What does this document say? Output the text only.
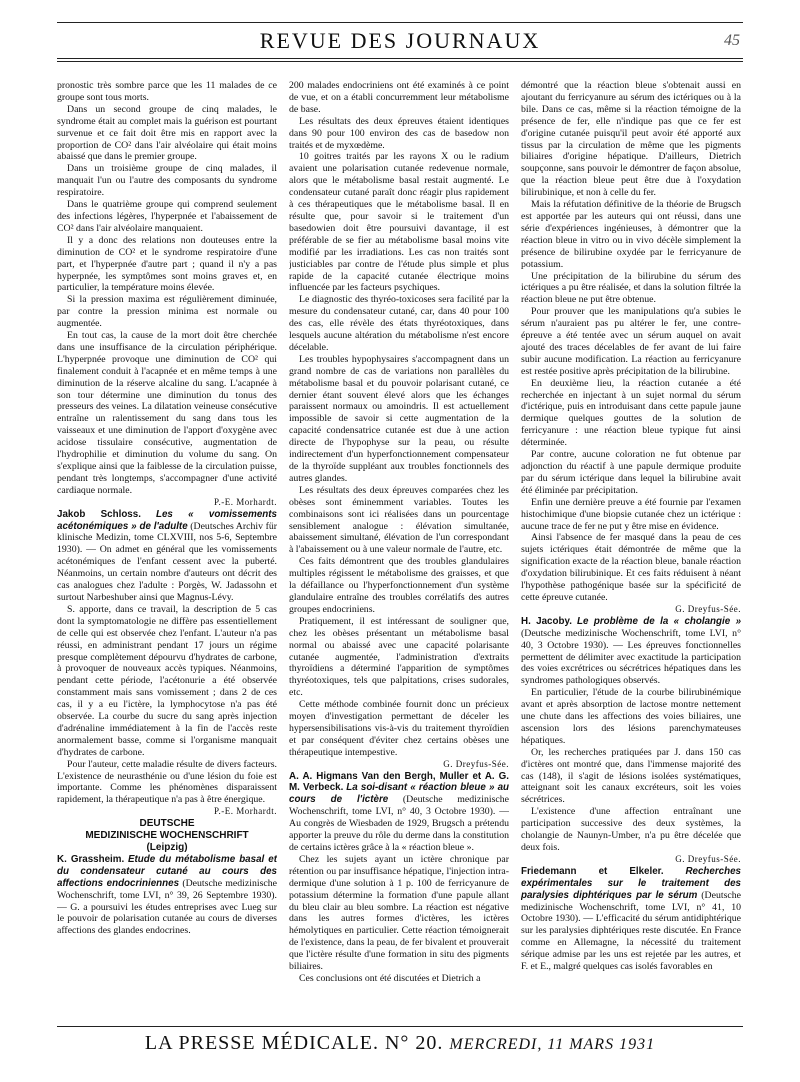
REVUE DES JOURNAUX	45

pronostic très sombre parce que les 11 malades de ce groupe sont tous morts.

Dans un second groupe de cinq malades, le syndrome était au complet mais la guérison est pourtant survenue et ce fait doit être mis en rapport avec la proportion de CO² dans l'air alvéolaire qui était moins abaissé que dans le premier groupe.

Dans un troisième groupe de cinq malades, il manquait l'un ou l'autre des composants du syndrome respiratoire.

Dans le quatrième groupe qui comprend seulement des infections légères, l'hyperpnée et l'abaissement de CO² dans l'air alvéolaire manquaient.

Il y a donc des relations non douteuses entre la diminution de CO² et le syndrome respiratoire d'une part, et l'hyperpnée d'autre part ; quand il n'y a pas hyperpnée, les symptômes sont moins graves et, en particulier, la température moins élevée.

Si la pression maxima est régulièrement diminuée, par contre la pression minima est normale ou augmentée.

En tout cas, la cause de la mort doit être cherchée dans une insuffisance de la circulation périphérique. L'hyperpnée provoque une diminution de CO² qui finalement conduit à l'acapnée et en même temps à une diminution de la réserve alcaline du sang. L'acapnée à son tour détermine une diminution du tonus des presseurs des veines. La dilatation veineuse consécutive entraîne un ralentissement du sang dans tous les vaisseaux et une diminution de l'apport d'oxygène avec acidose tissulaire consécutive, augmentation de l'hydrophilie et diminution du volume du sang. On s'explique ainsi que la faiblesse de la circulation puisse, pendant très longtemps, s'accompagner d'une activité cardiaque normale.

P.-E. Morhardt.

Jakob Schloss. Les « vomissements acétonémiques » de l'adulte (Deutsches Archiv für klinische Medizin, tome CLXVIII, nos 5-6, Septembre 1930). — On admet en général que les vomissements acétonémiques de l'enfant cessent avec la puberté. Néanmoins, un certain nombre d'auteurs ont décrit des cas analogues chez l'adulte : Porgès, W. Jadassohn et surtout Narbeshuber ainsi que Magnus-Lévy.

S. apporte, dans ce travail, la description de 5 cas dont la symptomatologie ne diffère pas essentiellement de celle qui est observée chez l'enfant. L'auteur n'a pas réussi, en administrant pendant 17 jours un régime presque complètement dépourvu d'hydrates de carbone, à provoquer de nouveaux accès typiques. Néanmoins, pendant cette période, l'acétonurie a été observée constamment mais sans vomissement ; dans 2 de ces cas, il y a eu l'ictère, la lymphocytose n'a pas été observée. La courbe du sucre du sang après injection d'adrénaline immédiatement à la fin de l'accès reste anormalement basse, comme si l'organisme manquait d'hydrates de carbone.

Pour l'auteur, cette maladie résulte de divers facteurs. L'existence de neurasthénie ou d'une lésion du foie est importante. Comme les phénomènes disparaissent rapidement, la thérapeutique n'a pas à être énergique.

P.-E. Morhardt.

DEUTSCHE
MEDIZINISCHE WOCHENSCHRIFT
(Leipzig)

K. Grassheim. Etude du métabolisme basal et du condensateur cutané au cours des affections endocriniennes (Deutsche medizinische Wochenschrift, tome LVI, n° 39, 26 Septembre 1930). — G. a poursuivi les études entreprises avec Lueg sur le pouvoir de polarisation cutanée au cours de diverses affections des glandes endocrines.

200 malades endocriniens ont été examinés à ce point de vue, et on a établi concurremment leur métabolisme de base.

Les résultats des deux épreuves étaient identiques dans 90 pour 100 environ des cas de basedow non traités et de myxœdème.

10 goitres traités par les rayons X ou le radium avaient une polarisation cutanée redevenue normale, alors que le métabolisme basal restait augmenté. Le condensateur cutané paraît donc réagir plus rapidement à ces thérapeutiques que le métabolisme basal. Il en résulte que, pour savoir si le traitement d'un basedowien doit être poursuivi davantage, il est préférable de se fier au métabolisme basal moins vite modifié par les irradiations. Les cas non traités sont justiciables par contre de l'étude plus simple et plus rapide de la capacité cutanée électrique moins influencée par les facteurs psychiques.

Le diagnostic des thyréo-toxicoses sera facilité par la mesure du condensateur cutané, car, dans 40 pour 100 des cas, elle révèle des états thyréotoxiques, dans lesquels aucune altération du métabolisme n'est encore décelable.

Les troubles hypophysaires s'accompagnent dans un grand nombre de cas de variations non parallèles du métabolisme basal et du pouvoir polarisant cutané, ce dernier étant souvent élevé alors que les échanges paraissent normaux ou amoindris. Il est actuellement impossible de savoir si cette augmentation de la capacité condensatrice cutanée est due à une action directe de l'hypophyse sur la peau, ou résulte indirectement d'un hyperfonctionnement compensateur de la thyroïde suppléant aux troubles fonctionnels des autres glandes.

Les résultats des deux épreuves comparées chez les obèses sont éminemment variables. Toutes les combinaisons sont ici réalisées dans un pourcentage sensiblement analogue : élévation simultanée, abaissement simultané, élévation de l'un correspondant à l'abaissement ou à une valeur normale de l'autre, etc.

Ces faits démontrent que des troubles glandulaires multiples régissent le métabolisme des graisses, et que la défaillance ou l'hyperfonctionnement d'un système glandulaire entraîne des troubles corrélatifs des autres groupes endocriniens.

Pratiquement, il est intéressant de souligner que, chez les obèses présentant un métabolisme basal normal ou abaissé avec une capacité polarisante cutanée augmentée, l'administration d'extraits thyroïdiens a déterminé l'apparition de symptômes thyréotoxiques, tels que palpitations, crises sudorales, etc.

Cette méthode combinée fournit donc un précieux moyen d'investigation permettant de déceler les hypersensibilisations vis-à-vis du traitement thyroïdien et par conséquent d'éviter chez certains obèses une thérapeutique intempestive.

G. Dreyfus-Sée.

A. A. Higmans Van den Bergh, Muller et A. G. M. Verbeck. La soi-disant « réaction bleue » au cours de l'ictère (Deutsche medizinische Wochenschrift, tome LVI, n° 40, 3 Octobre 1930). — Au congrès de Wiesbaden de 1929, Brugsch a prétendu apporter la preuve du rôle du derme dans la constitution de certains ictères grâce à la « réaction bleue ».

Chez les sujets ayant un ictère chronique par rétention ou par insuffisance hépatique, l'injection intra-dermique d'une solution à 1 p. 100 de ferricyanure de potassium détermine la formation d'une papule allant du bleu clair au bleu sombre. La réaction est négative dans les autres formes d'ictères, les ictères hémolytiques en particulier. Cette réaction témoignerait de l'existence, dans la peau, de fer bivalent et prouverait que l'ictère résulte d'une formation in situ des pigments biliaires.

Ces conclusions ont été discutées et Dietrich a

démontré que la réaction bleue s'obtenait aussi en ajoutant du ferricyanure au sérum des ictériques ou à la bile. Dans ce cas, même si la réaction témoigne de la présence de fer, elle n'indique pas que ce fer est d'origine cutanée puisqu'il peut avoir été apporté aux tissus par la circulation de même que les pigments biliaires d'origine hépatique. D'ailleurs, Dietrich soupçonne, sans pouvoir le démontrer de façon absolue, que la réaction bleue peut être due à l'oxydation bilirubinique, et non à celle du fer.

Mais la réfutation définitive de la théorie de Brugsch est apportée par les auteurs qui ont réussi, dans une série d'expériences ingénieuses, à démontrer que la réaction bleue in vitro ou in vivo décèle simplement la présence de bilirubine oxydée par le ferricyanure de potassium.

Une précipitation de la bilirubine du sérum des ictériques a pu être réalisée, et dans la solution filtrée la réaction bleue ne put être obtenue.

Pour prouver que les manipulations qu'a subies le sérum n'auraient pas pu altérer le fer, une contre-épreuve a été tentée avec un sérum auquel on avait ajouté des traces décelables de fer avant de lui faire subir aucune modification. La réaction au ferricyanure est restée positive après précipitation de la bilirubine.

En deuxième lieu, la réaction cutanée a été recherchée en injectant à un sujet normal du sérum d'ictérique, puis en introduisant dans cette papule jaune dermique quelques gouttes de la solution de ferricyanure : une réaction bleue typique fut ainsi déterminée.

Par contre, aucune coloration ne fut obtenue par adjonction du réactif à une papule dermique produite par du sérum ictérique dans lequel la bilirubine avait été éliminée par précipitation.

Enfin une dernière preuve a été fournie par l'examen histochimique d'une biopsie cutanée chez un ictérique : aucune trace de fer ne put y être mise en évidence.

Ainsi l'absence de fer masqué dans la peau de ces sujets ictériques était démontrée de même que la signification exacte de la réaction bleue, banale réaction d'oxydation bilirubinique. Et ces faits réduisent à néant l'hypothèse pathogénique basée sur la spécificité de cette épreuve cutanée.

G. Dreyfus-Sée.

H. Jacoby. Le problème de la « cholangie » (Deutsche medizinische Wochenschrift, tome LVI, n° 40, 3 Octobre 1930). — Les épreuves fonctionnelles permettent de délimiter avec exactitude la participation des voies excrétrices ou sécrétrices hépatiques dans les syndromes pathologiques observés.

En particulier, l'étude de la courbe bilirubinémique avant et après absorption de lactose montre nettement une chute dans les affections des voies biliaires, une ascension lors des lésions parenchymateuses hépatiques.

Or, les recherches pratiquées par J. dans 150 cas d'ictères ont montré que, dans l'immense majorité des cas (148), il s'agit de lésions isolées systématiques, atteignant soit les canaux excréteurs, soit les voies sécrétrices.

L'existence d'une affection entraînant une participation successive des deux systèmes, la cholangie de Naunyn-Umber, n'a pu être décelée que deux fois.

G. Dreyfus-Sée.

Friedemann et Elkeler. Recherches expérimentales sur le traitement des paralysies diphtériques par le sérum (Deutsche medizinische Wochenschrift, tome LVI, n° 41, 10 Octobre 1930). — L'efficacité du sérum antidiphtérique sur les paralysies diphtériques reste discutée. En France comme en Allemagne, la nécessité du traitement sérique admise par les uns est rejetée par les autres, et F. et E., malgré quelques cas isolés favorables en

LA PRESSE MÉDICALE. N° 20. MERCREDI, 11 MARS 1931
